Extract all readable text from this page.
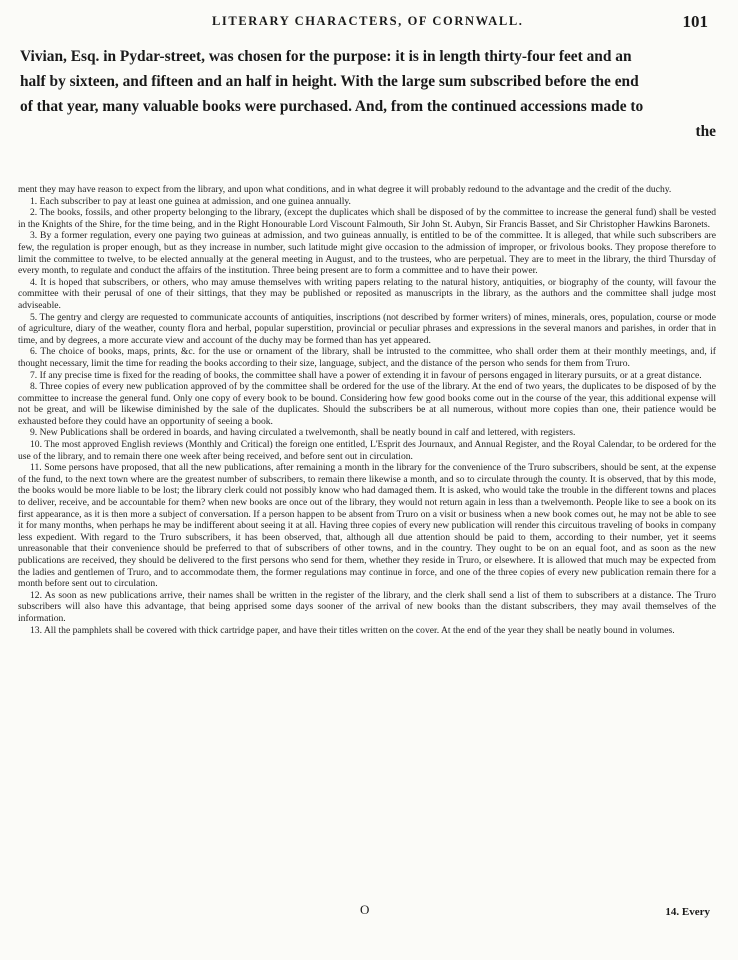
LITERARY CHARACTERS, OF CORNWALL.	101
Vivian, Esq. in Pydar-street, was chosen for the purpose: it is in length thirty-four feet and an
half by sixteen, and fifteen and an half in height. With the large sum subscribed before the end
of that year, many valuable books were purchased. And, from the continued accessions made to
the

ment they may have reason to expect from the library, and upon what conditions, and in what degree it will probably redound to the advantage and the credit of the duchy.

1. Each subscriber to pay at least one guinea at admission, and one guinea annually.

2. The books, fossils, and other property belonging to the library, (except the duplicates which shall be disposed of by the committee to increase the general fund) shall be vested in the Knights of the Shire, for the time being, and in the Right Honourable Lord Viscount Falmouth, Sir John St. Aubyn, Sir Francis Basset, and Sir Christopher Hawkins Baronets.

3. By a former regulation, every one paying two guineas at admission, and two guineas annually, is entitled to be of the committee. It is alleged, that while such subscribers are few, the regulation is proper enough, but as they increase in number, such latitude might give occasion to the admission of improper, or frivolous books. They propose therefore to limit the committee to twelve, to be elected annually at the general meeting in August, and to the trustees, who are perpetual. They are to meet in the library, the third Thursday of every month, to regulate and conduct the affairs of the institution. Three being present are to form a committee and to have their power.

4. It is hoped that subscribers, or others, who may amuse themselves with writing papers relating to the natural history, antiquities, or biography of the county, will favour the committee with their perusal of one of their sittings, that they may be published or reposited as manuscripts in the library, as the authors and the committee shall judge most adviseable.

5. The gentry and clergy are requested to communicate accounts of antiquities, inscriptions (not described by former writers) of mines, minerals, ores, population, course or mode of agriculture, diary of the weather, county flora and herbal, popular superstition, provincial or peculiar phrases and expressions in the several manors and parishes, in order that in time, and by degrees, a more accurate view and account of the duchy may be formed than has yet appeared.

6. The choice of books, maps, prints, &c. for the use or ornament of the library, shall be intrusted to the committee, who shall order them at their monthly meetings, and, if thought necessary, limit the time for reading the books according to their size, language, subject, and the distance of the person who sends for them from Truro.

7. If any precise time is fixed for the reading of books, the committee shall have a power of extending it in favour of persons engaged in literary pursuits, or at a great distance.

8. Three copies of every new publication approved of by the committee shall be ordered for the use of the library. At the end of two years, the duplicates to be disposed of by the committee to increase the general fund. Only one copy of every book to be bound. Considering how few good books come out in the course of the year, this additional expense will not be great, and will be likewise diminished by the sale of the duplicates. Should the subscribers be at all numerous, without more copies than one, their patience would be exhausted before they could have an opportunity of seeing a book.

9. New Publications shall be ordered in boards, and having circulated a twelvemonth, shall be neatly bound in calf and lettered, with registers.

10. The most approved English reviews (Monthly and Critical) the foreign one entitled, L'Esprit des Journaux, and Annual Register, and the Royal Calendar, to be ordered for the use of the library, and to remain there one week after being received, and before sent out in circulation.

11. Some persons have proposed, that all the new publications, after remaining a month in the library for the convenience of the Truro subscribers, should be sent, at the expense of the fund, to the next town where are the greatest number of subscribers, to remain there likewise a month, and so to circulate through the county. It is observed, that by this mode, the books would be more liable to be lost; the library clerk could not possibly know who had damaged them. It is asked, who would take the trouble in the different towns and places to deliver, receive, and be accountable for them? when new books are once out of the library, they would not return again in less than a twelvemonth. People like to see a book on its first appearance, as it is then more a subject of conversation. If a person happen to be absent from Truro on a visit or business when a new book comes out, he may not be able to see it for many months, when perhaps he may be indifferent about seeing it at all. Having three copies of every new publication will render this circuitous traveling of books in company less expedient. With regard to the Truro subscribers, it has been observed, that, although all due attention should be paid to them, according to their number, yet it seems unreasonable that their convenience should be preferred to that of subscribers of other towns, and in the country. They ought to be on an equal foot, and as soon as the new publications are received, they should be delivered to the first persons who send for them, whether they reside in Truro, or elsewhere. It is allowed that much may be expected from the ladies and gentlemen of Truro, and to accommodate them, the former regulations may continue in force, and one of the three copies of every new publication remain there for a month before sent out to circulation.

12. As soon as new publications arrive, their names shall be written in the register of the library, and the clerk shall send a list of them to subscribers at a distance. The Truro subscribers will also have this advantage, that being apprised some days sooner of the arrival of new books than the distant subscribers, they may avail themselves of the information.

13. All the pamphlets shall be covered with thick cartridge paper, and have their titles written on the cover. At the end of the year they shall be neatly bound in volumes.

O	14. Every
